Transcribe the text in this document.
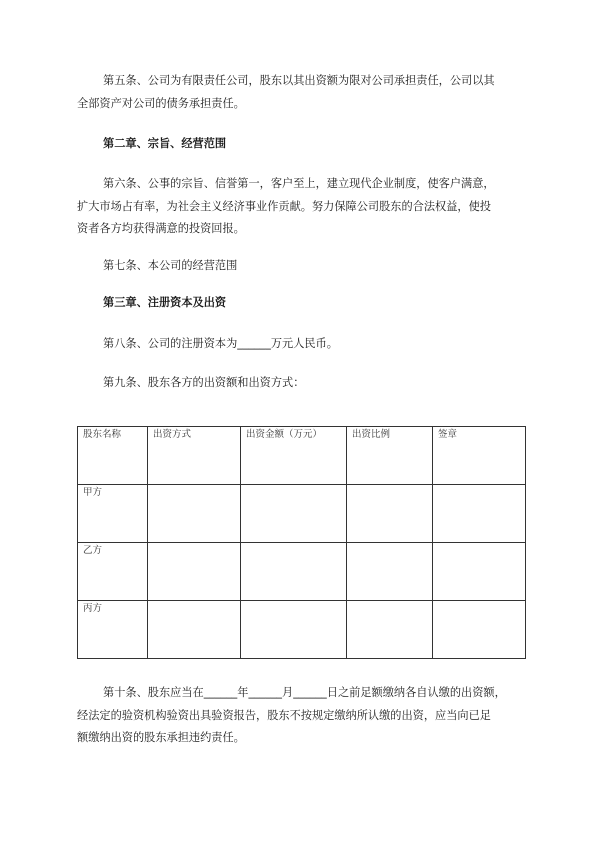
第五条、公司为有限责任公司，股东以其出资额为限对公司承担责任，公司以其
全部资产对公司的债务承担责任。

第二章、宗旨、经营范围

第六条、公事的宗旨、信誉第一，客户至上，建立现代企业制度，使客户满意，
扩大市场占有率，为社会主义经济事业作贡献。努力保障公司股东的合法权益，使投
资者各方均获得满意的投资回报。

第七条、本公司的经营范围

第三章、注册资本及出资

第八条、公司的注册资本为______万元人民币。

第九条、股东各方的出资额和出资方式：

股东名称	出资方式	出资金额（万元）	出资比例	签章
甲方				
乙方				
丙方				

第十条、股东应当在______年______月______日之前足额缴纳各自认缴的出资额，
经法定的验资机构验资出具验资报告，股东不按规定缴纳所认缴的出资，应当向已足
额缴纳出资的股东承担违约责任。
